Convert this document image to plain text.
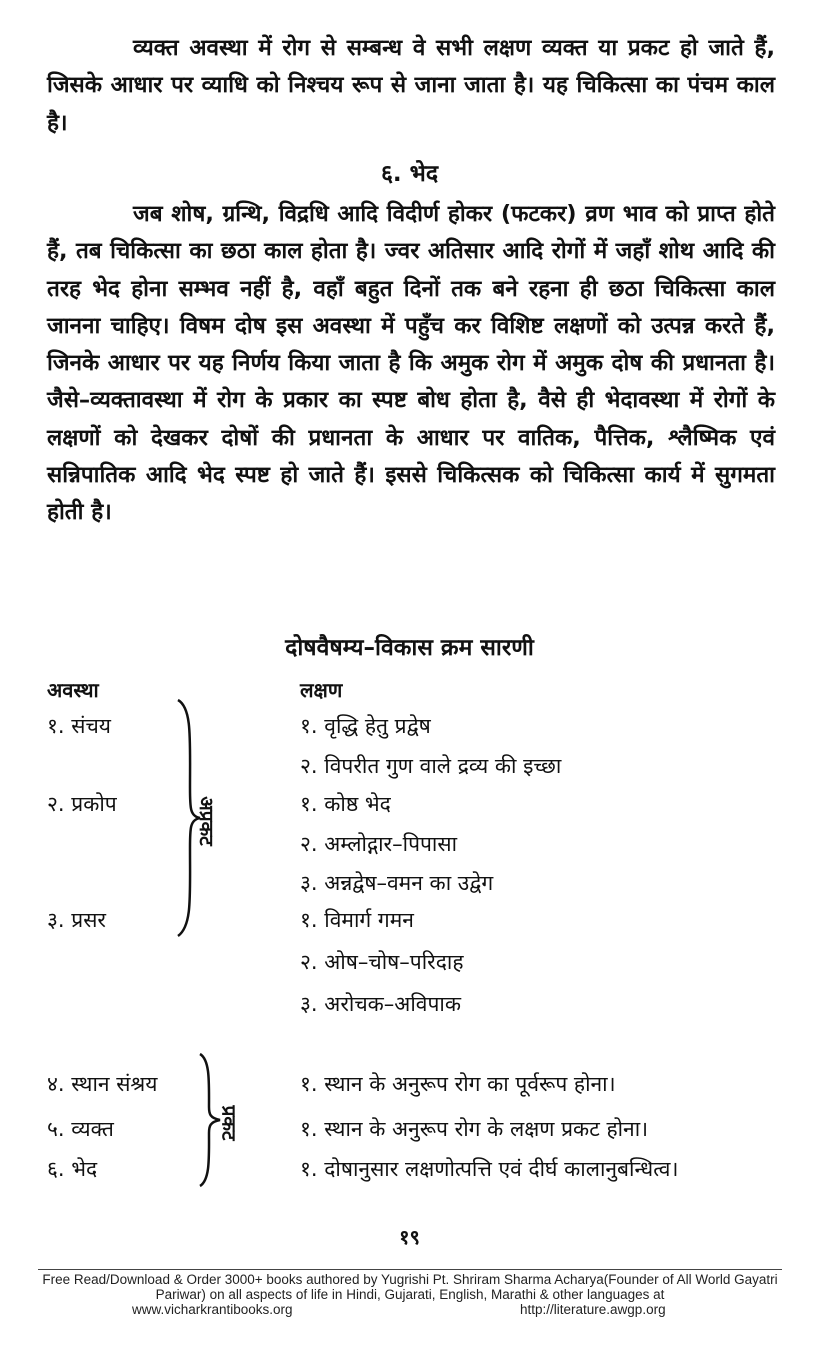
व्यक्त अवस्था में रोग से सम्बन्ध वे सभी लक्षण व्यक्त या प्रकट हो जाते हैं, जिसके आधार पर व्याधि को निश्चय रूप से जाना जाता है। यह चिकित्सा का पंचम काल है।

६. भेद

जब शोष, ग्रन्थि, विद्रधि आदि विदीर्ण होकर (फटकर) व्रण भाव को प्राप्त होते हैं, तब चिकित्सा का छठा काल होता है। ज्वर अतिसार आदि रोगों में जहाँ शोथ आदि की तरह भेद होना सम्भव नहीं है, वहाँ बहुत दिनों तक बने रहना ही छठा चिकित्सा काल जानना चाहिए। विषम दोष इस अवस्था में पहुँच कर विशिष्ट लक्षणों को उत्पन्न करते हैं, जिनके आधार पर यह निर्णय किया जाता है कि अमुक रोग में अमुक दोष की प्रधानता है। जैसे–व्यक्तावस्था में रोग के प्रकार का स्पष्ट बोध होता है, वैसे ही भेदावस्था में रोगों के लक्षणों को देखकर दोषों की प्रधानता के आधार पर वातिक, पैत्तिक, श्लैष्मिक एवं सन्निपातिक आदि भेद स्पष्ट हो जाते हैं। इससे चिकित्सक को चिकित्सा कार्य में सुगमता होती है।

दोषवैषम्य–विकास क्रम सारणी
अवस्था	लक्षण
१. संचय
२. प्रकोप
३. प्रसर
४. स्थान संश्रय
५. व्यक्त
६. भेद
१. वृद्धि हेतु प्रद्वेष
२. विपरीत गुण वाले द्रव्य की इच्छा
१. कोष्ठ भेद
२. अम्लोद्गार–पिपासा
३. अन्नद्वेष–वमन का उद्वेग
१. विमार्ग गमन
२. ओष–चोष–परिदाह
३. अरोचक–अविपाक
१. स्थान के अनुरूप रोग का पूर्वरूप होना।
१. स्थान के अनुरूप रोग के लक्षण प्रकट होना।
१. दोषानुसार लक्षणोत्पत्ति एवं दीर्घ कालानुबन्धित्व।
अप्रकट
प्रकट
१९
Free Read/Download & Order 3000+ books authored by Yugrishi Pt. Shriram Sharma Acharya(Founder of All World Gayatri Pariwar) on all aspects of life in Hindi, Gujarati, English, Marathi & other languages at
www.vicharkrantibooks.org	http://literature.awgp.org
